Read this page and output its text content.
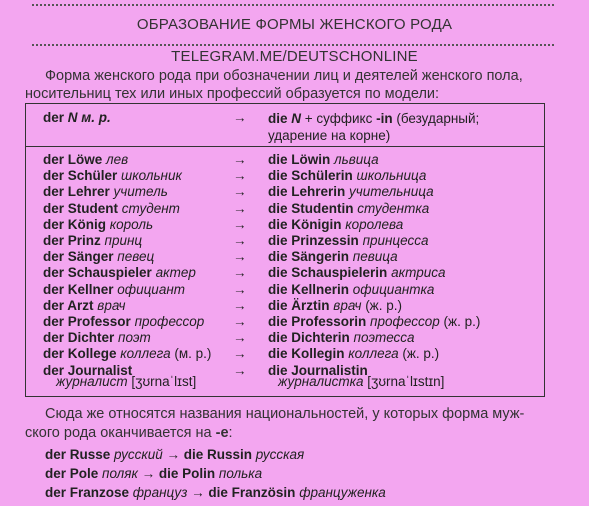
ОБРАЗОВАНИЕ ФОРМЫ ЖЕНСКОГО РОДА
TELEGRAM.ME/DEUTSCHONLINE

Форма женского рода при обозначении лиц и деятелей женского пола,

носительниц тех или иных профессий образуется по модели:

der N м. р.	→ die N + суффикс -in (безударный;
ударение на корне)
der Löwe лев	→ die Löwin львица
der Schüler школьник	→ die Schülerin школьница
der Lehrer учитель	→ die Lehrerin учительница
der Student студент	→ die Studentin студентка
der König король	→ die Königin королева
der Prinz принц	→ die Prinzessin принцесса
der Sänger певец	→ die Sängerin певица
der Schauspieler актер	→ die Schauspielerin актриса
der Kellner официант	→ die Kellnerin официантка
der Arzt врач	→ die Ärztin врач (ж. р.)
der Professor профессор → die Professorin профессор (ж. р.)
der Dichter поэт	→ die Dichterin поэтесса
der Kollege коллега (м. р.) → die Kollegin коллега (ж. р.)
der Journalist	→ die Journalistin
журналист [ʒʊrnaˈlɪst]	журналистка [ʒʊrnaˈlɪstɪn]

Сюда же относятся названия национальностей, у которых форма муж-

ского рода оканчивается на -e:

der Russe русский → die Russin русская
der Pole поляк → die Polin полька
der Franzose француз → die Französin француженка
